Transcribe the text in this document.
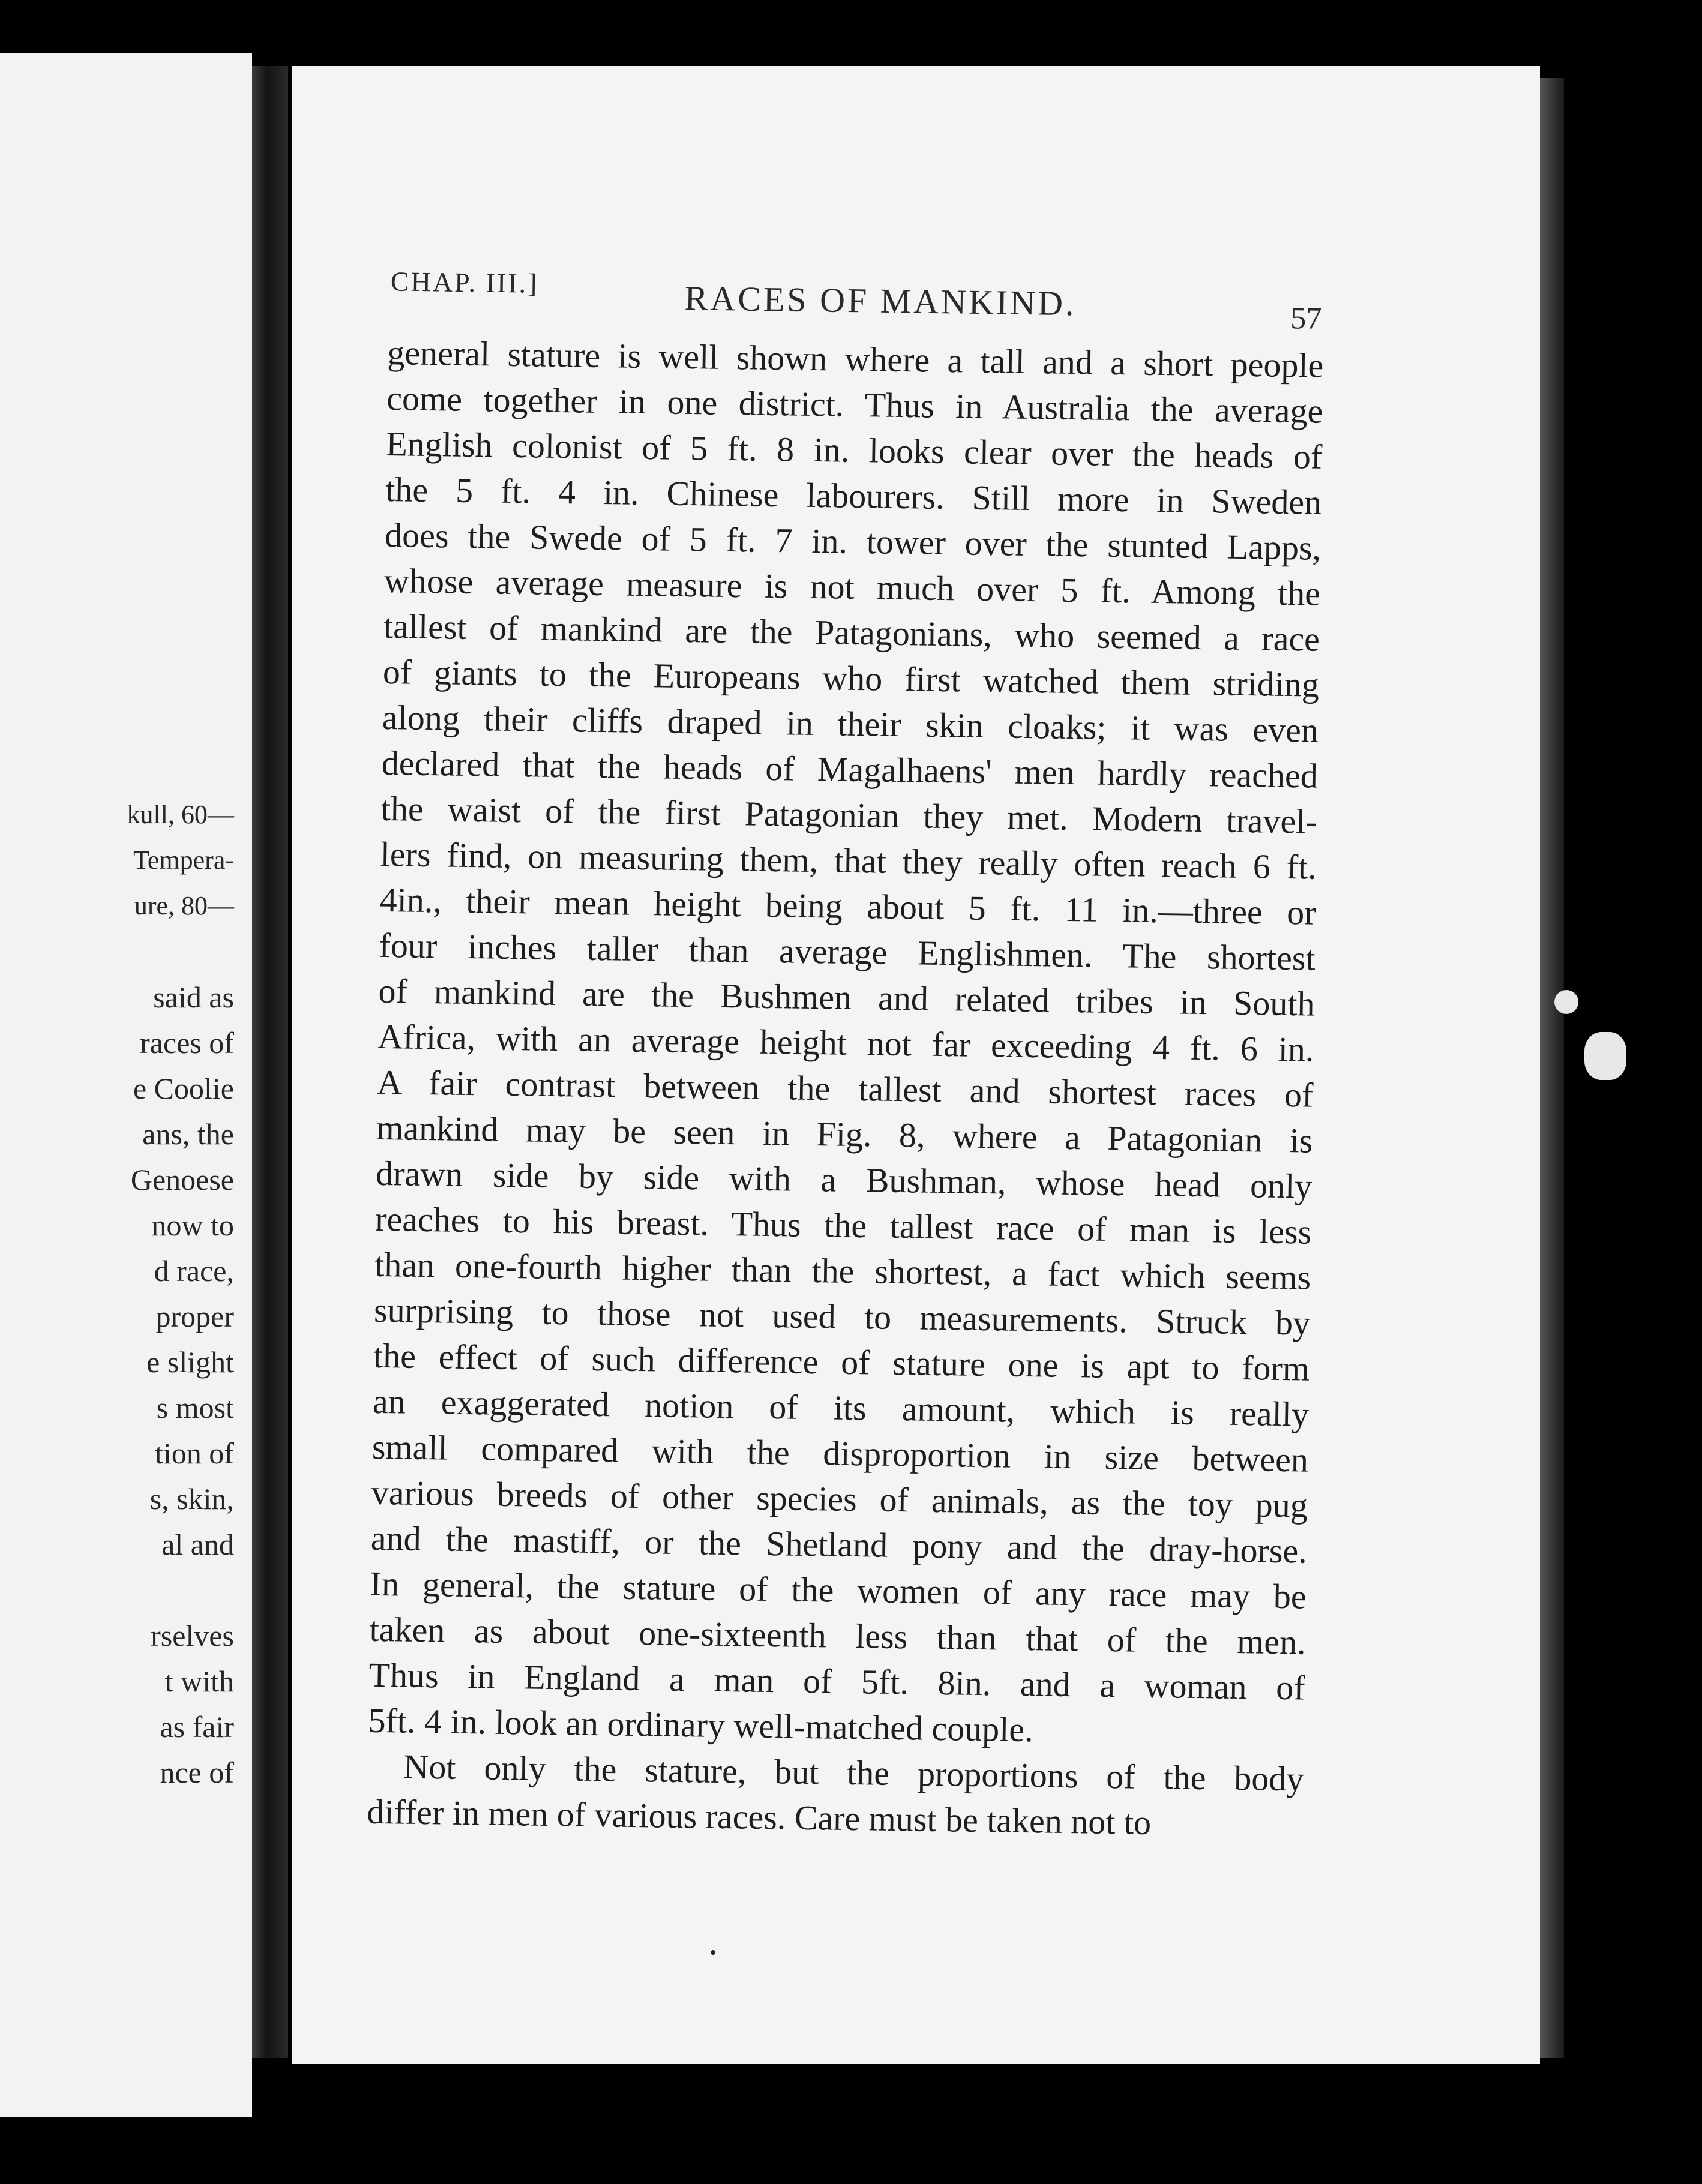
kull, 60—
Tempera-
ure, 80—
said as
races of
e Coolie
ans, the
Genoese
now to
d race,
proper
e slight
s most
tion of
s, skin,
al and
rselves
t with
as fair
nce of
CHAP. III.]	RACES OF MANKIND.	57
general stature is well shown where a tall and a short people
come together in one district. Thus in Australia the average
English colonist of 5 ft. 8 in. looks clear over the heads of
the 5 ft. 4 in. Chinese labourers. Still more in Sweden
does the Swede of 5 ft. 7 in. tower over the stunted Lapps,
whose average measure is not much over 5 ft. Among the
tallest of mankind are the Patagonians, who seemed a race
of giants to the Europeans who first watched them striding
along their cliffs draped in their skin cloaks; it was even
declared that the heads of Magalhaens' men hardly reached
the waist of the first Patagonian they met. Modern travel-
lers find, on measuring them, that they really often reach 6 ft.
4in., their mean height being about 5 ft. 11 in.—three or
four inches taller than average Englishmen. The shortest
of mankind are the Bushmen and related tribes in South
Africa, with an average height not far exceeding 4 ft. 6 in.
A fair contrast between the tallest and shortest races of
mankind may be seen in Fig. 8, where a Patagonian is
drawn side by side with a Bushman, whose head only
reaches to his breast. Thus the tallest race of man is less
than one-fourth higher than the shortest, a fact which seems
surprising to those not used to measurements. Struck by
the effect of such difference of stature one is apt to form
an exaggerated notion of its amount, which is really
small compared with the disproportion in size between
various breeds of other species of animals, as the toy pug
and the mastiff, or the Shetland pony and the dray-horse.
In general, the stature of the women of any race may be
taken as about one-sixteenth less than that of the men.
Thus in England a man of 5ft. 8in. and a woman of
5ft. 4 in. look an ordinary well-matched couple.
Not only the stature, but the proportions of the body
differ in men of various races. Care must be taken not to
